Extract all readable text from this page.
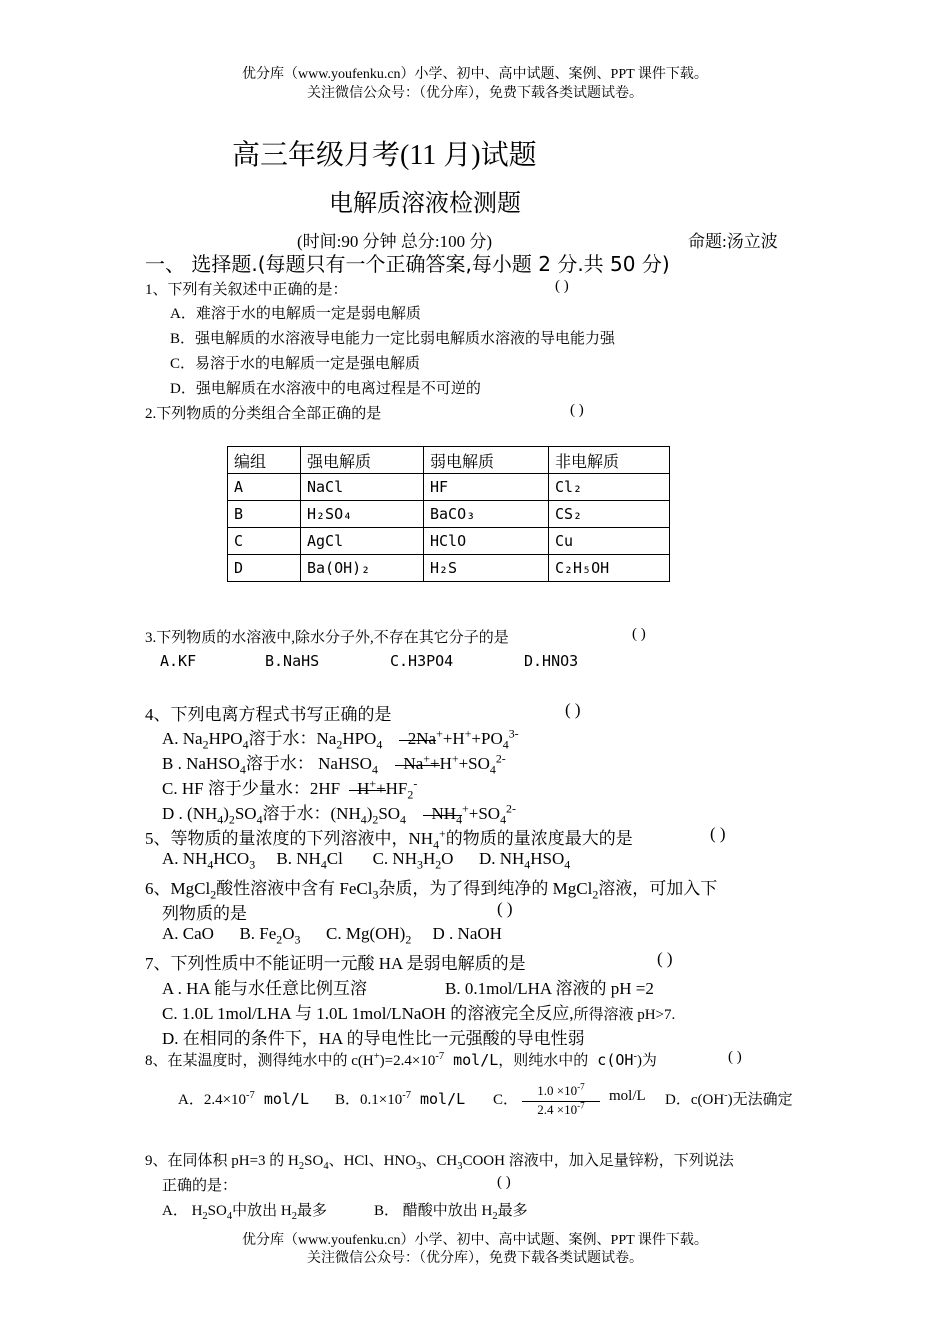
优分库（www.youfenku.cn）小学、初中、高中试题、案例、PPT 课件下载。
关注微信公众号：（优分库），免费下载各类试题试卷。
高三年级月考(11 月)试题
电解质溶液检测题
(时间:90 分钟 总分:100 分)	命题:汤立波
一、 选择题.(每题只有一个正确答案,每小题 2 分.共 50 分)
1、下列有关叙述中正确的是：	( )
A．难溶于水的电解质一定是弱电解质
B．强电解质的水溶液导电能力一定比弱电解质水溶液的导电能力强
C．易溶于水的电解质一定是强电解质
D．强电解质在水溶液中的电离过程是不可逆的
2.下列物质的分类组合全部正确的是	( )
编组	强电解质	弱电解质	非电解质
A	NaCl	HF	Cl₂
B	H₂SO₄	BaCO₃	CS₂
C	AgCl	HClO	Cu
D	Ba(OH)₂	H₂S	C₂H₅OH
3.下列物质的水溶液中,除水分子外,不存在其它分子的是	( )
A.KF	B.NaHS	C.H3PO4	D.HNO3
4、下列电离方程式书写正确的是	( )
A. $Na_2HPO_4$溶于水：$Na_2HPO_4$      $2Na^++H^++PO_4^{3-}$
B . NaHSO$_4$溶于水： NaHSO$_4$      $Na^++H^++SO_4^{2-}$
C. HF 溶于少量水：2HF    $H^++HF_2^-$
D . $(NH_4)_2SO_4$溶于水：$(NH_4)_2SO_4$      $NH_4^++SO_4^{2-}$
5、等物质的量浓度的下列溶液中，$NH_4^+$的物质的量浓度最大的是	( )
A. $NH_4HCO_3$     B. $NH_4Cl$       C. $NH_3H_2O$      D. $NH_4HSO_4$
6、MgCl$_2$酸性溶液中含有 FeCl$_3$杂质，为了得到纯净的 MgCl$_2$溶液，可加入下
列物质的是	( )
A. CaO B. $Fe_2O_3$ C. $Mg(OH)_2$ D . NaOH
7、下列性质中不能证明一元酸 HA 是弱电解质的是	( )
A . HA 能与水任意比例互溶	B. 0.1mol/LHA 溶液的 pH =2
C. 1.0L 1mol/LHA 与 1.0L 1mol/LNaOH 的溶液完全反应,所得溶液 pH>7.
D. 在相同的条件下，HA 的导电性比一元强酸的导电性弱
8、在某温度时，测得纯水中的 $c(H^+)=2.4\times 10^{-7}$ mol/L，则纯水中的 c(OH-)为	( )
A．$2.4\times 10^{-7}$ mol/L B．$0.1\times 10^{-7}$ mol/L C． $\frac{1.0 \times 10^{-7}}{2.4 \times 10^{-7}} mol/L$ D．c(OH-)无法确定
9、在同体积 pH=3 的 $H_2SO_4$、HCl、$HNO_3$、$CH_3COOH$ 溶液中，加入足量锌粉，下列说法
正确的是：	( )
A． $H_2SO_4$中放出 $H_2$最多	B． 醋酸中放出 $H_2$最多
优分库（www.youfenku.cn）小学、初中、高中试题、案例、PPT 课件下载。
关注微信公众号：（优分库），免费下载各类试题试卷。
